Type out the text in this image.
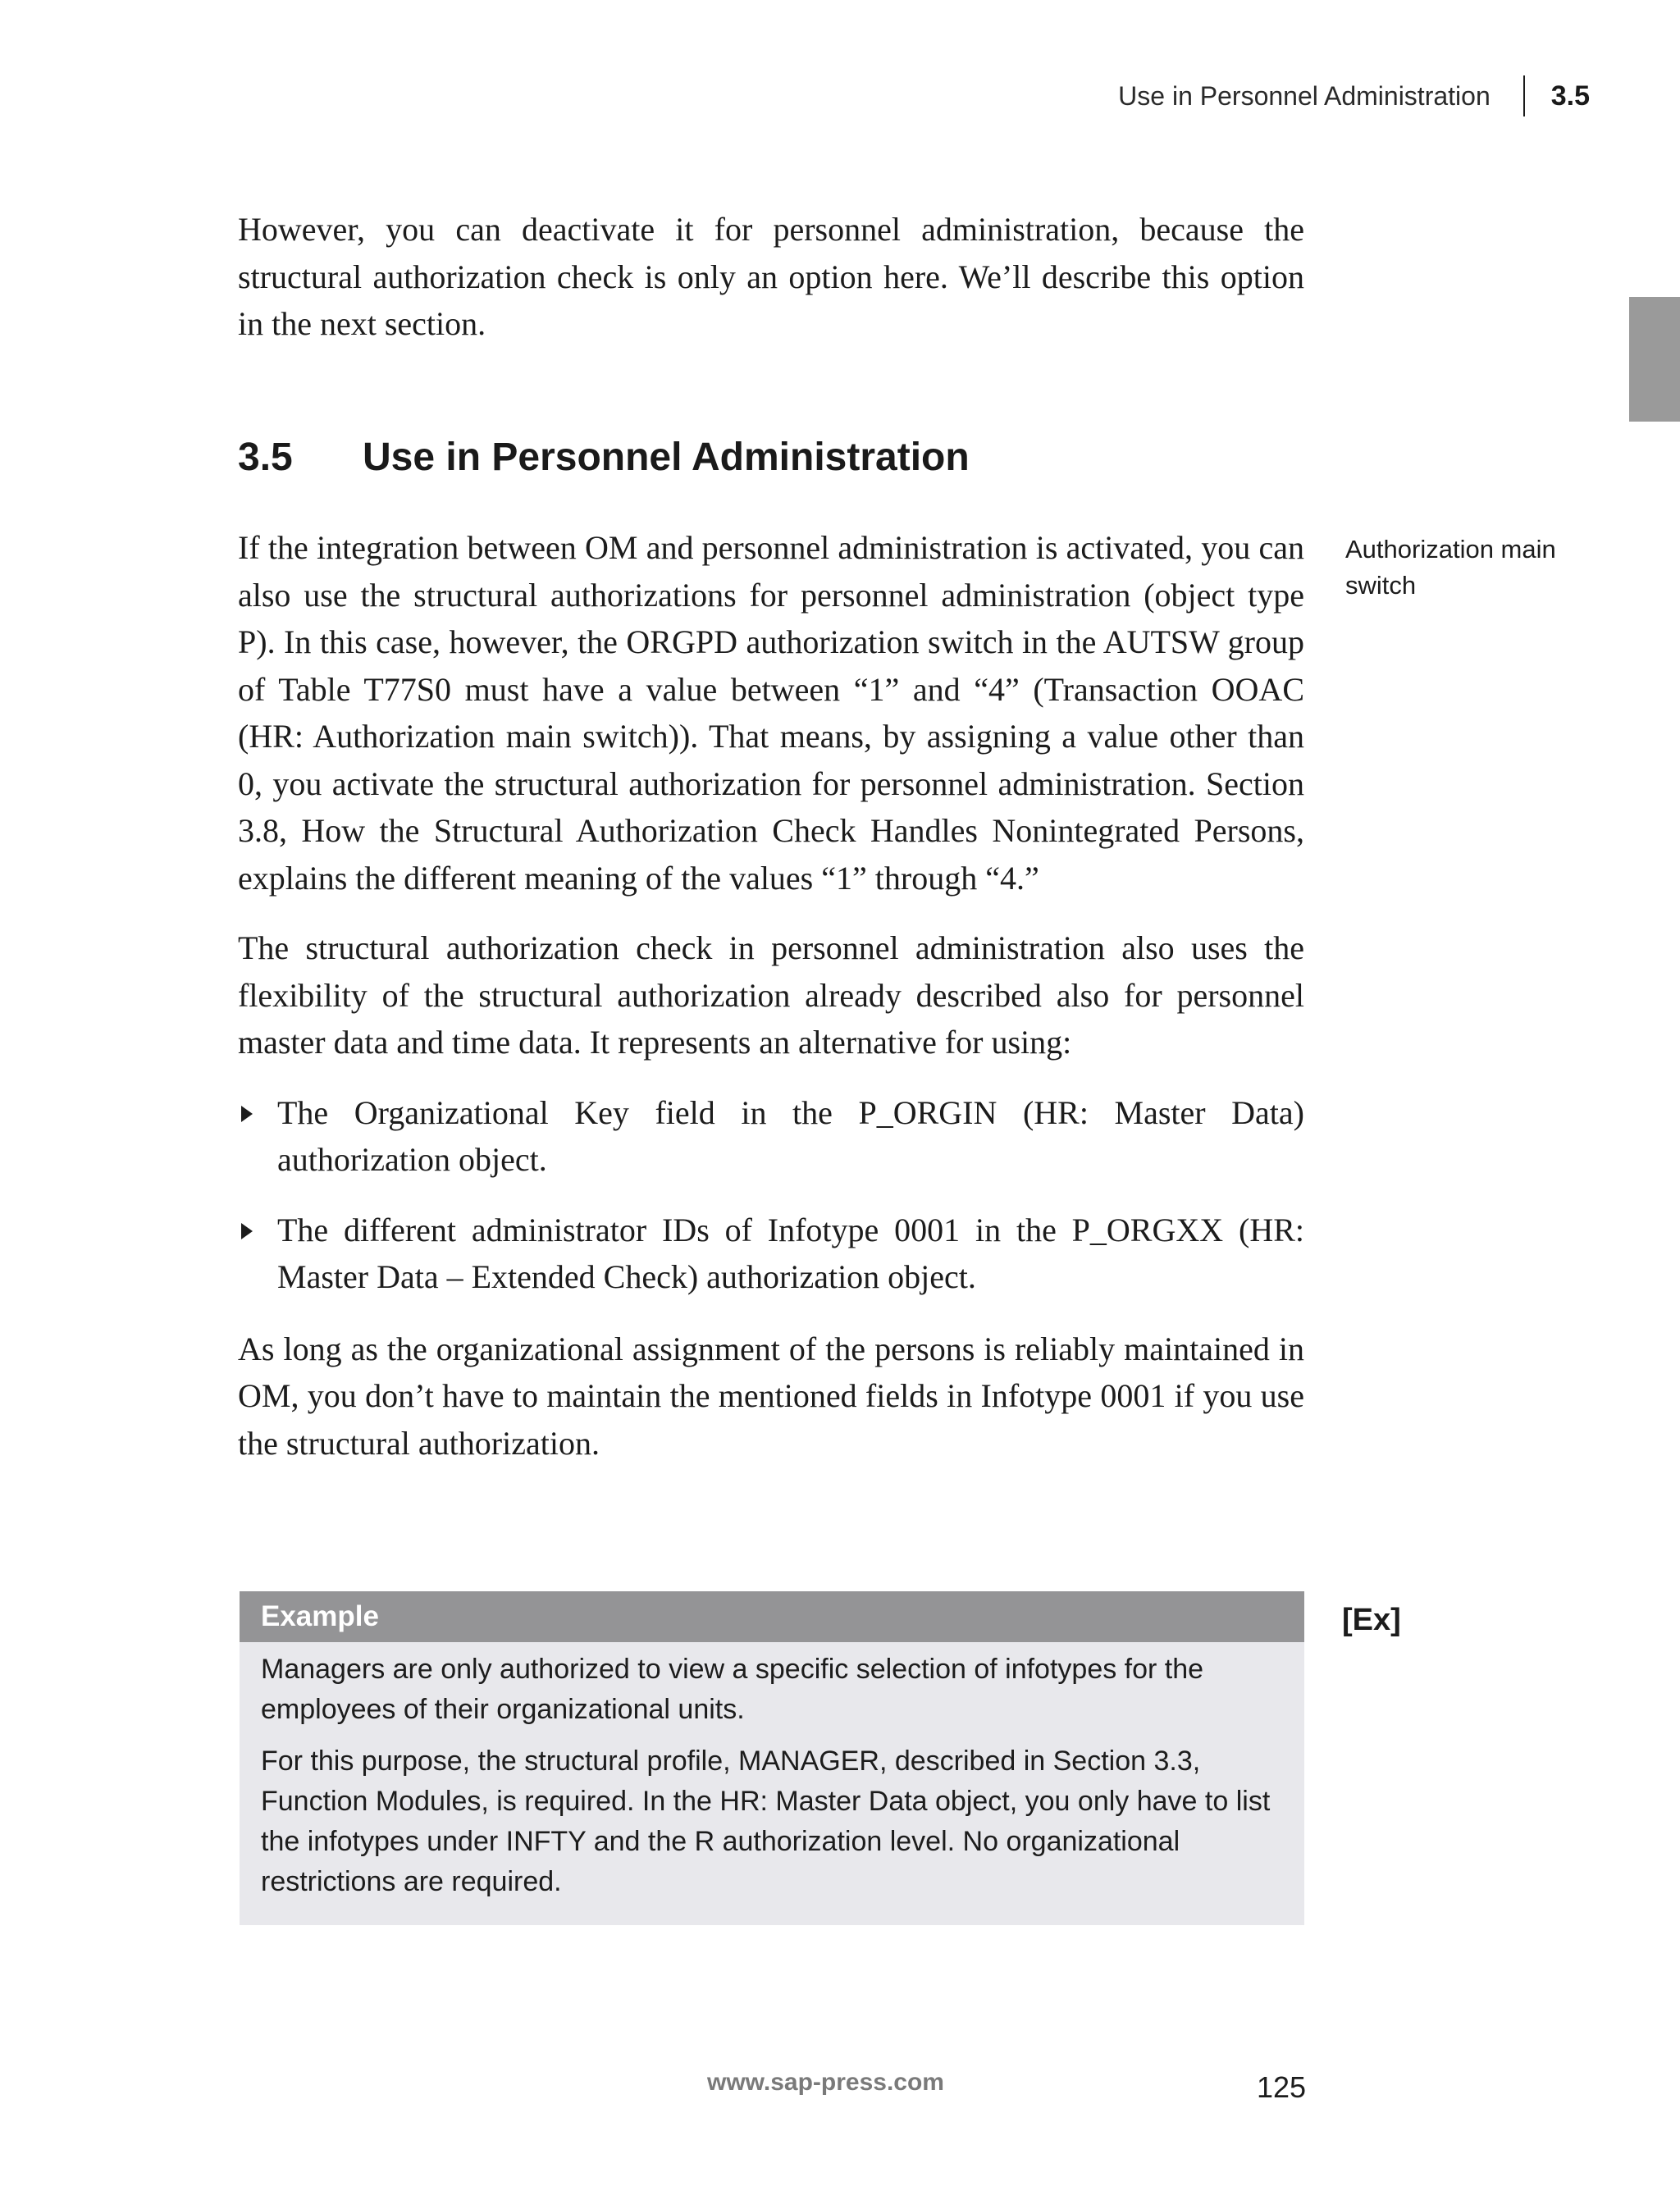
Use in Personnel Administration 3.5

However, you can deactivate it for personnel administration, because the structural authorization check is only an option here. We’ll describe this option in the next section.

3.5	Use in Personnel Administration
Authorization main switch

If the integration between OM and personnel administration is activated, you can also use the structural authorizations for personnel administration (object type P). In this case, however, the ORGPD authorization switch in the AUTSW group of Table T77S0 must have a value between “1” and “4” (Transaction OOAC (HR: Authorization main switch)). That means, by assigning a value other than 0, you activate the structural authorization for personnel administration. Section 3.8, How the Structural Authorization Check Handles Nonintegrated Persons, explains the different meaning of the values “1” through “4.”

The structural authorization check in personnel administration also uses the flexibility of the structural authorization already described also for personnel master data and time data. It represents an alternative for using:

The Organizational Key field in the P_ORGIN (HR: Master Data) authorization object.
The different administrator IDs of Infotype 0001 in the P_ORGXX (HR: Master Data – Extended Check) authorization object.

As long as the organizational assignment of the persons is reliably maintained in OM, you don’t have to maintain the mentioned fields in Infotype 0001 if you use the structural authorization.

[Ex]
Example

Managers are only authorized to view a specific selection of infotypes for the employees of their organizational units.

For this purpose, the structural profile, MANAGER, described in Section 3.3, Function Modules, is required. In the HR: Master Data object, you only have to list the infotypes under INFTY and the R authorization level. No organizational restrictions are required.

www.sap-press.com	125
